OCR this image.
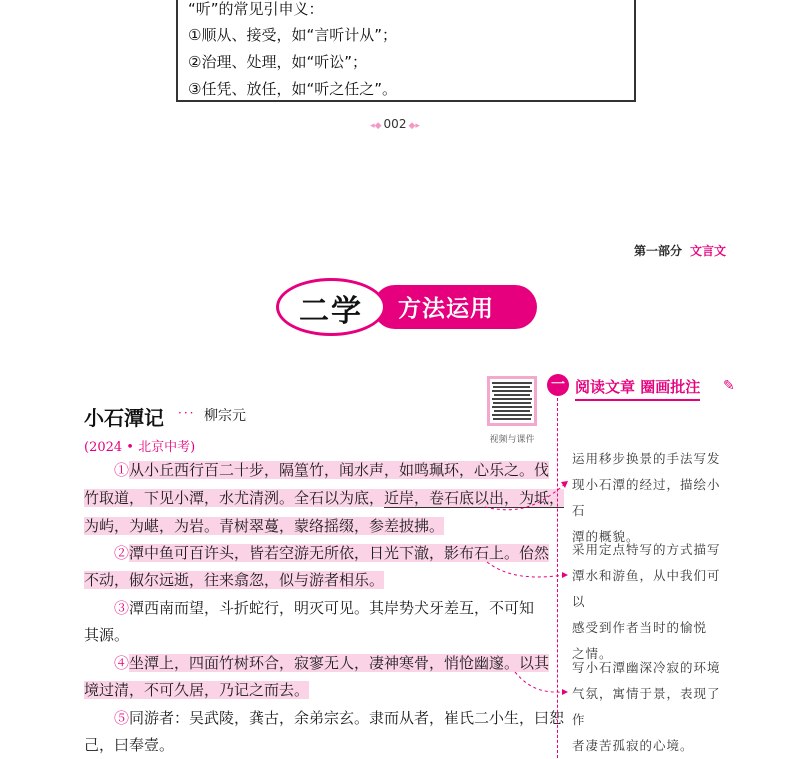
“听”的常见引申义：
①顺从、接受，如“言听计从”；
②治理、处理，如“听讼”；
③任凭、放任，如“听之任之”。
◂◆ 002 ◆▸
第一部分 文言文
方法运用
二学
视频与课件
小石潭记 ··· 柳宗元
(2024 • 北京中考)
①从小丘西行百二十步，隔篁竹，闻水声，如鸣珮环，心乐之。伐
竹取道，下见小潭，水尤清洌。全石以为底，近岸，卷石底以出，为坻，
为屿，为嵁，为岩。青树翠蔓，蒙络摇缀，参差披拂。
②潭中鱼可百许头，皆若空游无所依，日光下澈，影布石上。佁然
不动，俶尔远逝，往来翕忽，似与游者相乐。
③潭西南而望，斗折蛇行，明灭可见。其岸势犬牙差互，不可知
其源。
④坐潭上，四面竹树环合，寂寥无人，凄神寒骨，悄怆幽邃。以其
境过清，不可久居，乃记之而去。
⑤同游者：吴武陵，龚古，余弟宗玄。隶而从者，崔氏二小生，曰恕
己，曰奉壹。
一 阅读文章 圈画批注 ✎
运用移步换景的手法写发
现小石潭的经过，描绘小石
潭的概貌。
采用定点特写的方式描写
潭水和游鱼，从中我们可以
感受到作者当时的愉悦
之情。
写小石潭幽深冷寂的环境
气氛，寓情于景，表现了作
者凄苦孤寂的心境。
